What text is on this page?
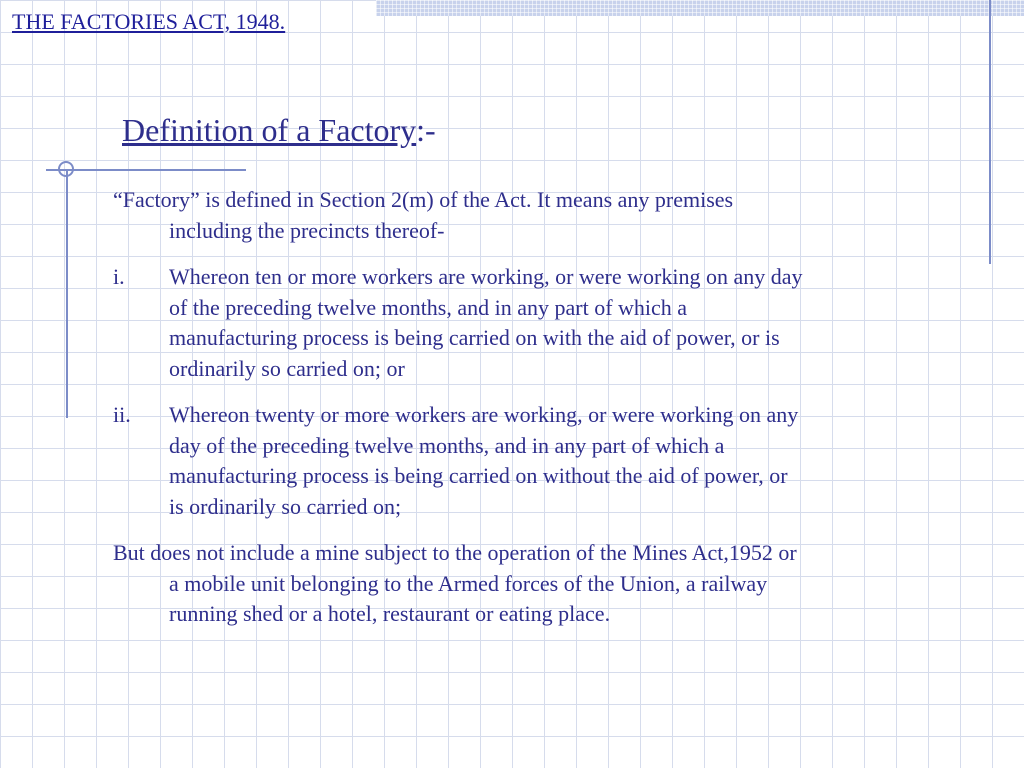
THE FACTORIES ACT, 1948.
Definition of a Factory:-

“Factory” is defined in Section 2(m) of the Act. It means any premises including the precincts thereof-

i. Whereon ten or more workers are working, or were working on any day of the preceding twelve months, and in any part of which a manufacturing process is being carried on with the aid of power, or is ordinarily so carried on; or
ii. Whereon twenty or more workers are working, or were working on any day of the preceding twelve months, and in any part of which a manufacturing process is being carried on without the aid of power, or is ordinarily so carried on;

But does not include a mine subject to the operation of the Mines Act,1952 or a mobile unit belonging to the Armed forces of the Union, a railway running shed or a hotel, restaurant or eating place.
